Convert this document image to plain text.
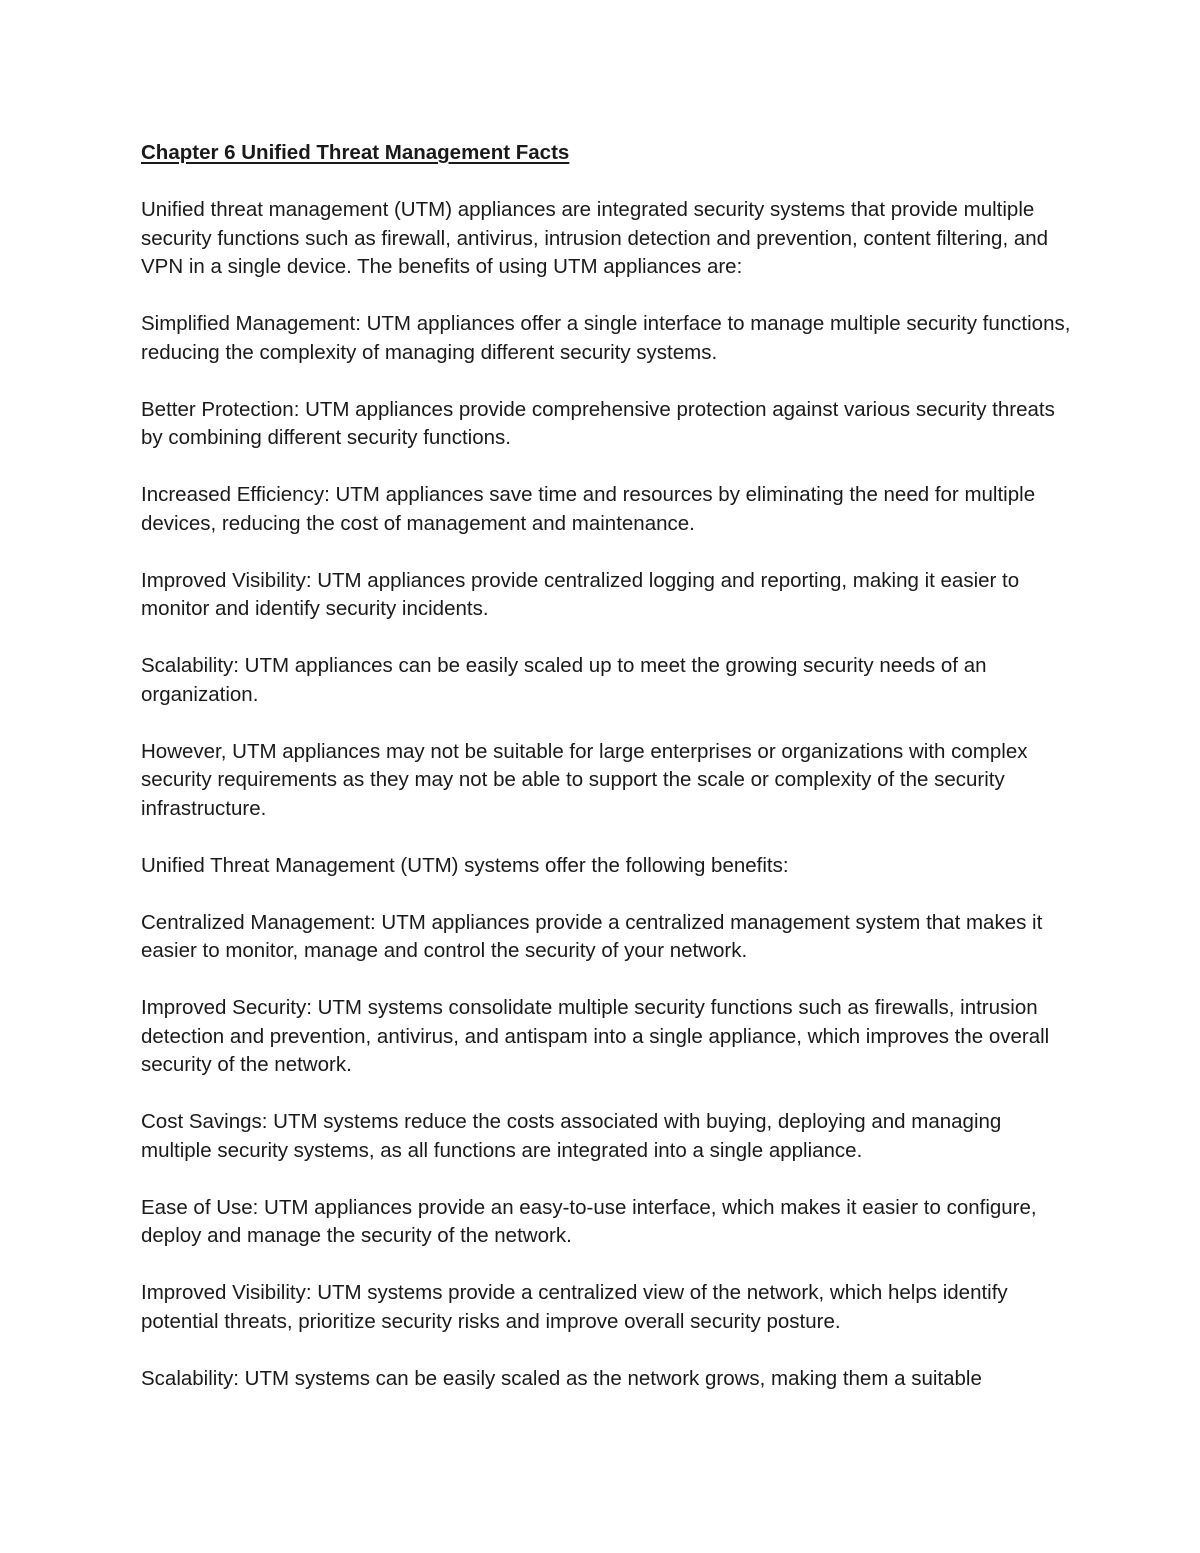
Chapter 6 Unified Threat Management Facts

Unified threat management (UTM) appliances are integrated security systems that provide multiple security functions such as firewall, antivirus, intrusion detection and prevention, content filtering, and VPN in a single device. The benefits of using UTM appliances are:

Simplified Management: UTM appliances offer a single interface to manage multiple security functions, reducing the complexity of managing different security systems.

Better Protection: UTM appliances provide comprehensive protection against various security threats by combining different security functions.

Increased Efficiency: UTM appliances save time and resources by eliminating the need for multiple devices, reducing the cost of management and maintenance.

Improved Visibility: UTM appliances provide centralized logging and reporting, making it easier to monitor and identify security incidents.

Scalability: UTM appliances can be easily scaled up to meet the growing security needs of an organization.

However, UTM appliances may not be suitable for large enterprises or organizations with complex security requirements as they may not be able to support the scale or complexity of the security infrastructure.

Unified Threat Management (UTM) systems offer the following benefits:

Centralized Management: UTM appliances provide a centralized management system that makes it easier to monitor, manage and control the security of your network.

Improved Security: UTM systems consolidate multiple security functions such as firewalls, intrusion detection and prevention, antivirus, and antispam into a single appliance, which improves the overall security of the network.

Cost Savings: UTM systems reduce the costs associated with buying, deploying and managing multiple security systems, as all functions are integrated into a single appliance.

Ease of Use: UTM appliances provide an easy-to-use interface, which makes it easier to configure, deploy and manage the security of the network.

Improved Visibility: UTM systems provide a centralized view of the network, which helps identify potential threats, prioritize security risks and improve overall security posture.

Scalability: UTM systems can be easily scaled as the network grows, making them a suitable
